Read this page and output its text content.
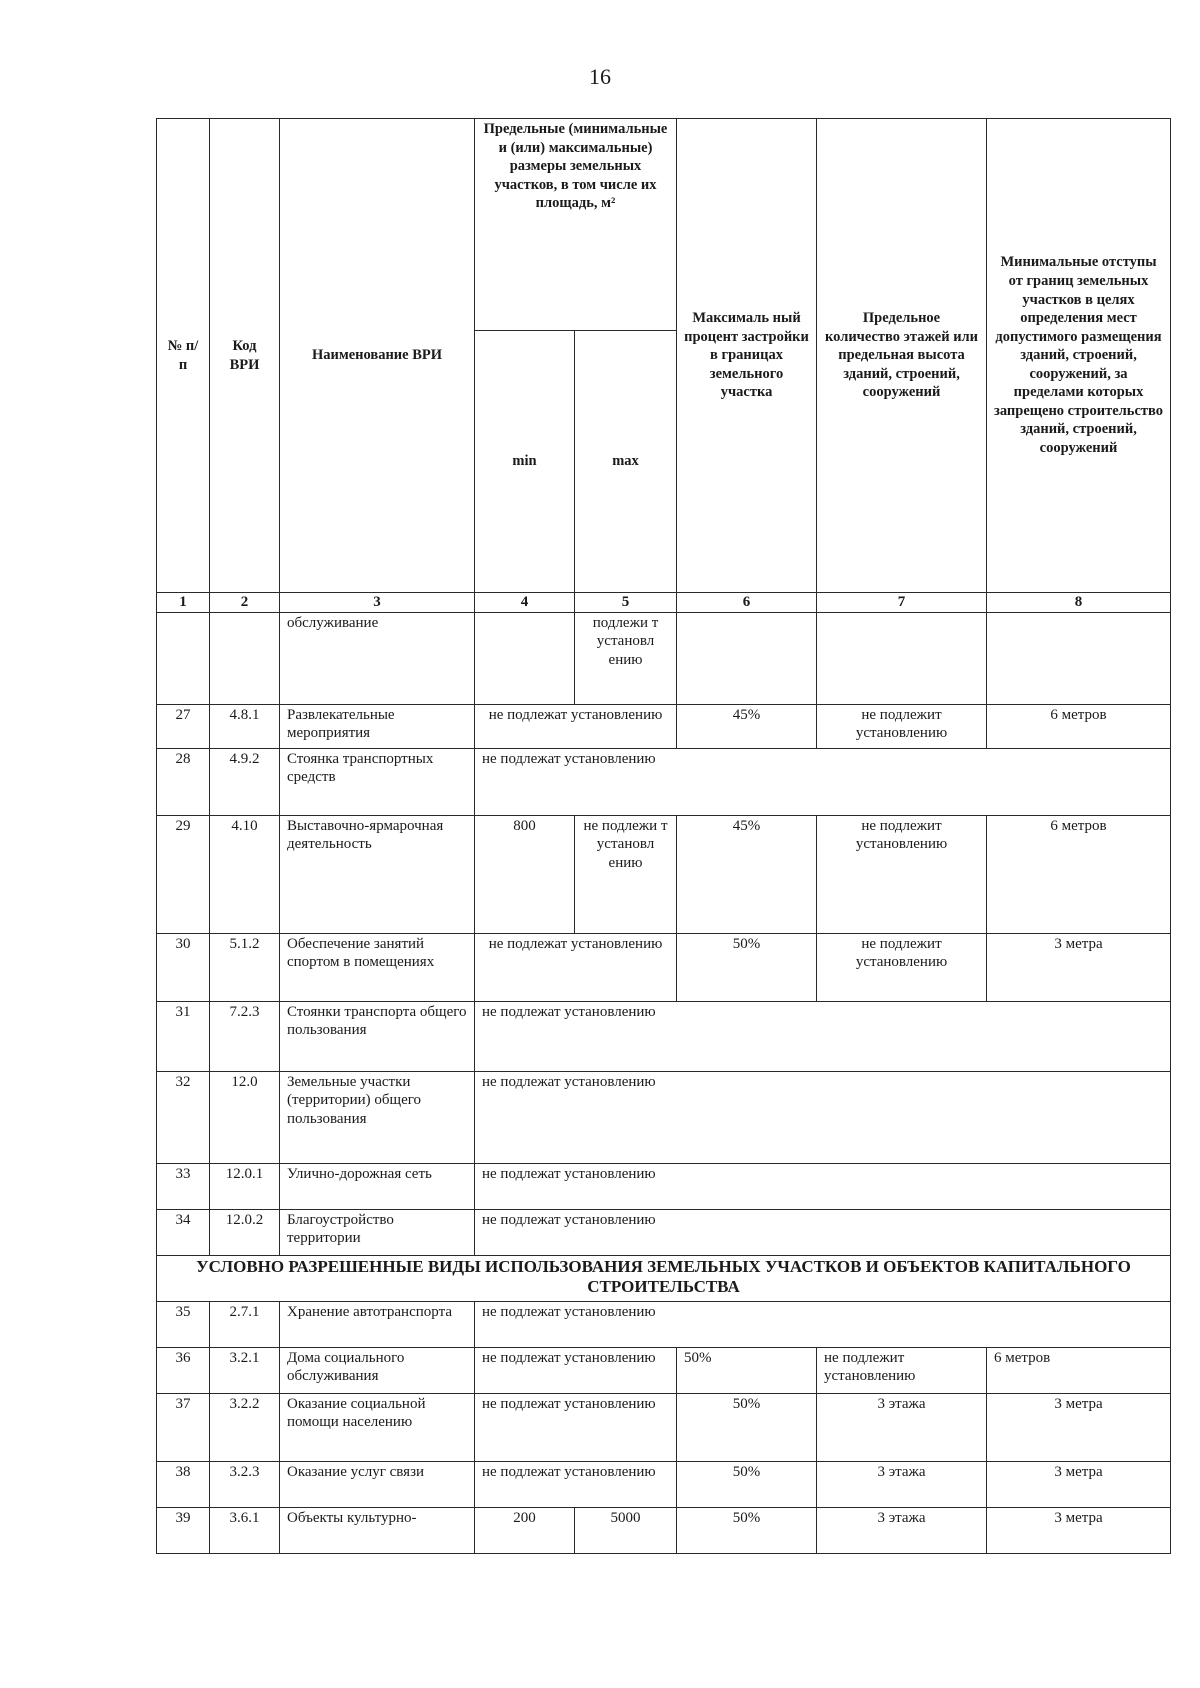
16
№ п/п	Код ВРИ	Наименование ВРИ	Предельные (минимальные и (или) максимальные) размеры земельных участков, в том числе их площадь, м²		Максималь ный процент застройки в границах земельного участка	Предельное количество этажей или предельная высота зданий, строений, сооружений	Минимальные отступы от границ земельных участков в целях определения мест допустимого размещения зданий, строений, сооружений, за пределами которых запрещено строительство зданий, строений, сооружений
			min	max			
1	2	3	4	5	6	7	8
		обслуживание		подлежи т установл ению			
27	4.8.1	Развлекательные мероприятия	не подлежат установлению		45%	не подлежит установлению	6 метров
28	4.9.2	Стоянка транспортных средств	не подлежат установлению				
29	4.10	Выставочно-ярмарочная деятельность	800	не подлежи т установл ению	45%	не подлежит установлению	6 метров
30	5.1.2	Обеспечение занятий спортом в помещениях	не подлежат установлению		50%	не подлежит установлению	3 метра
31	7.2.3	Стоянки транспорта общего пользования	не подлежат установлению				
32	12.0	Земельные участки (территории) общего пользования	не подлежат установлению				
33	12.0.1	Улично-дорожная сеть	не подлежат установлению				
34	12.0.2	Благоустройство территории	не подлежат установлению				
УСЛОВНО РАЗРЕШЕННЫЕ ВИДЫ ИСПОЛЬЗОВАНИЯ ЗЕМЕЛЬНЫХ УЧАСТКОВ И ОБЪЕКТОВ КАПИТАЛЬНОГО СТРОИТЕЛЬСТВА							
35	2.7.1	Хранение автотранспорта	не подлежат установлению				
36	3.2.1	Дома социального обслуживания	не подлежат установлению		50%	не подлежит установлению	6 метров
37	3.2.2	Оказание социальной помощи населению	не подлежат установлению		50%	3 этажа	3 метра
38	3.2.3	Оказание услуг связи	не подлежат установлению		50%	3 этажа	3 метра
39	3.6.1	Объекты культурно-	200	5000	50%	3 этажа	3 метра
